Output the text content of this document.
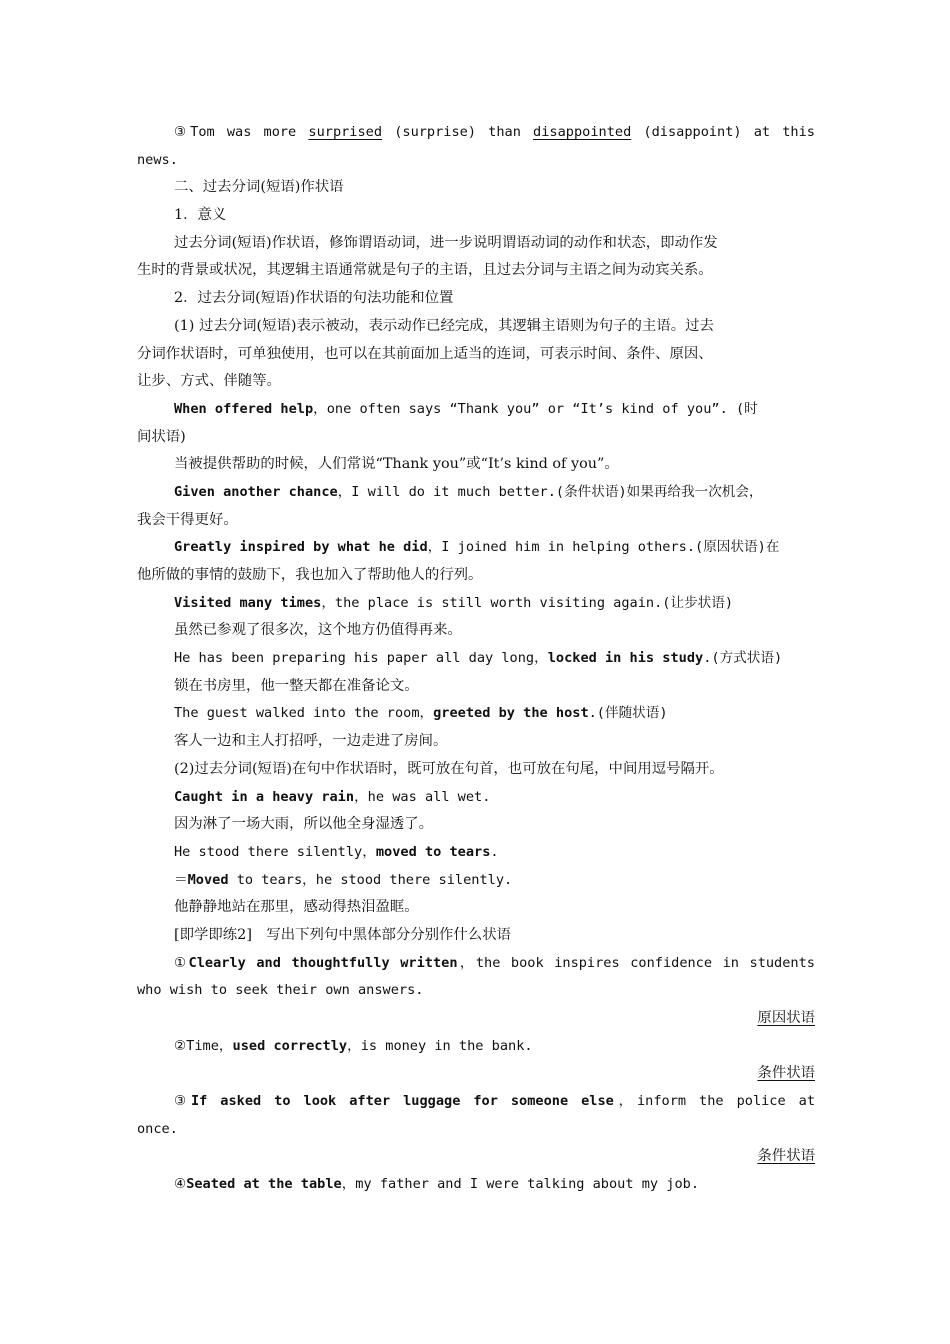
③Tom was more surprised (surprise) than disappointed (disappoint) at this
news.
二、过去分词(短语)作状语
1．意义
过去分词(短语)作状语，修饰谓语动词，进一步说明谓语动词的动作和状态，即动作发
生时的背景或状况，其逻辑主语通常就是句子的主语，且过去分词与主语之间为动宾关系。
2．过去分词(短语)作状语的句法功能和位置
(1) 过去分词(短语)表示被动，表示动作已经完成，其逻辑主语则为句子的主语。过去
分词作状语时，可单独使用，也可以在其前面加上适当的连词，可表示时间、条件、原因、
让步、方式、伴随等。
When offered help，one often says “Thank you” or “It’s kind of you”. (时
间状语)
当被提供帮助的时候，人们常说“Thank you”或“It’s kind of you”。
Given another chance，I will do it much better.(条件状语)如果再给我一次机会，
我会干得更好。
Greatly inspired by what he did，I joined him in helping others.(原因状语)在
他所做的事情的鼓励下，我也加入了帮助他人的行列。
Visited many times，the place is still worth visiting again.(让步状语)
虽然已参观了很多次，这个地方仍值得再来。
He has been preparing his paper all day long，locked in his study.(方式状语)
锁在书房里，他一整天都在准备论文。
The guest walked into the room，greeted by the host.(伴随状语)
客人一边和主人打招呼，一边走进了房间。
(2)过去分词(短语)在句中作状语时，既可放在句首，也可放在句尾，中间用逗号隔开。
Caught in a heavy rain，he was all wet.
因为淋了一场大雨，所以他全身湿透了。
He stood there silently，moved to tears.
＝Moved to tears，he stood there silently.
他静静地站在那里，感动得热泪盈眶。
[即学即练2]　写出下列句中黑体部分分别作什么状语
①Clearly and thoughtfully written，the book inspires confidence in students
who wish to seek their own answers.
原因状语
②Time，used correctly，is money in the bank.
条件状语
③If asked to look after luggage for someone else，inform the police at
once.
条件状语
④Seated at the table，my father and I were talking about my job.
